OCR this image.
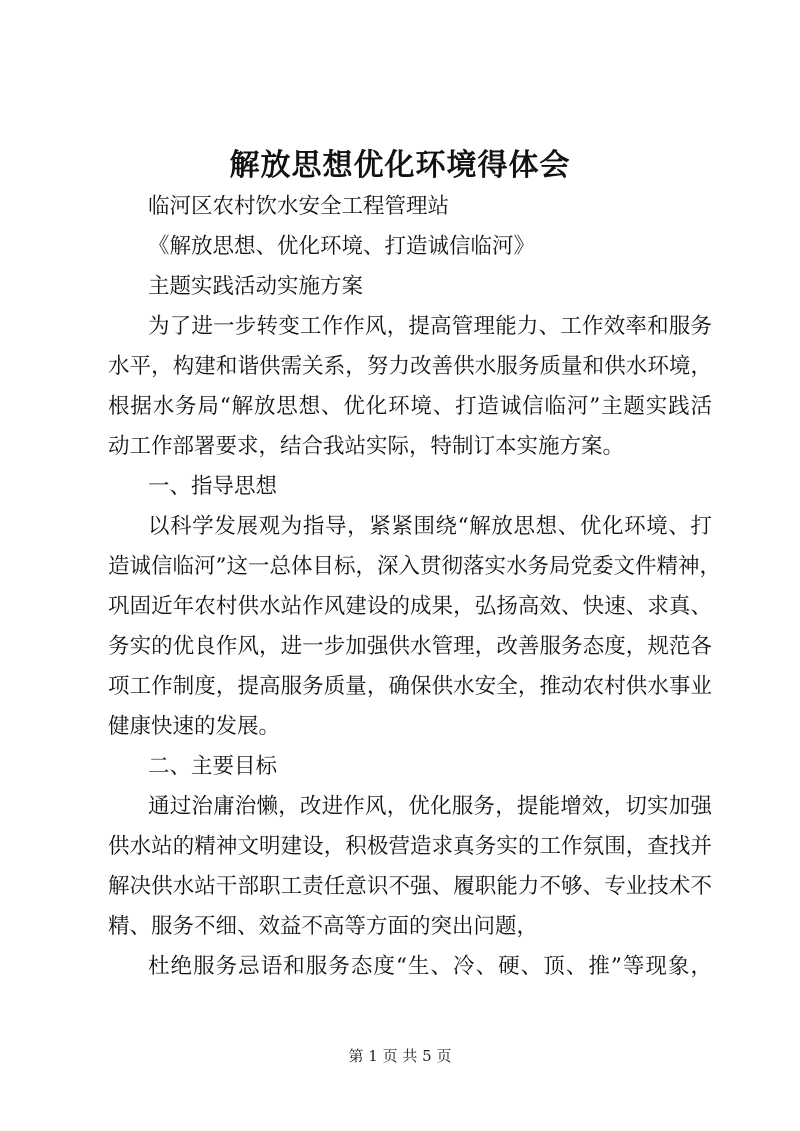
解放思想优化环境得体会

临河区农村饮水安全工程管理站

《解放思想、优化环境、打造诚信临河》

主题实践活动实施方案

为了进一步转变工作作风，提高管理能力、工作效率和服务

水平，构建和谐供需关系，努力改善供水服务质量和供水环境，

根据水务局“解放思想、优化环境、打造诚信临河”主题实践活

动工作部署要求，结合我站实际，特制订本实施方案。

一、指导思想

以科学发展观为指导，紧紧围绕“解放思想、优化环境、打

造诚信临河”这一总体目标，深入贯彻落实水务局党委文件精神，

巩固近年农村供水站作风建设的成果，弘扬高效、快速、求真、

务实的优良作风，进一步加强供水管理，改善服务态度，规范各

项工作制度，提高服务质量，确保供水安全，推动农村供水事业

健康快速的发展。

二、主要目标

通过治庸治懒，改进作风，优化服务，提能增效，切实加强

供水站的精神文明建设，积极营造求真务实的工作氛围，查找并

解决供水站干部职工责任意识不强、履职能力不够、专业技术不

精、服务不细、效益不高等方面的突出问题，

杜绝服务忌语和服务态度“生、冷、硬、顶、推”等现象，

第 1 页 共 5 页
